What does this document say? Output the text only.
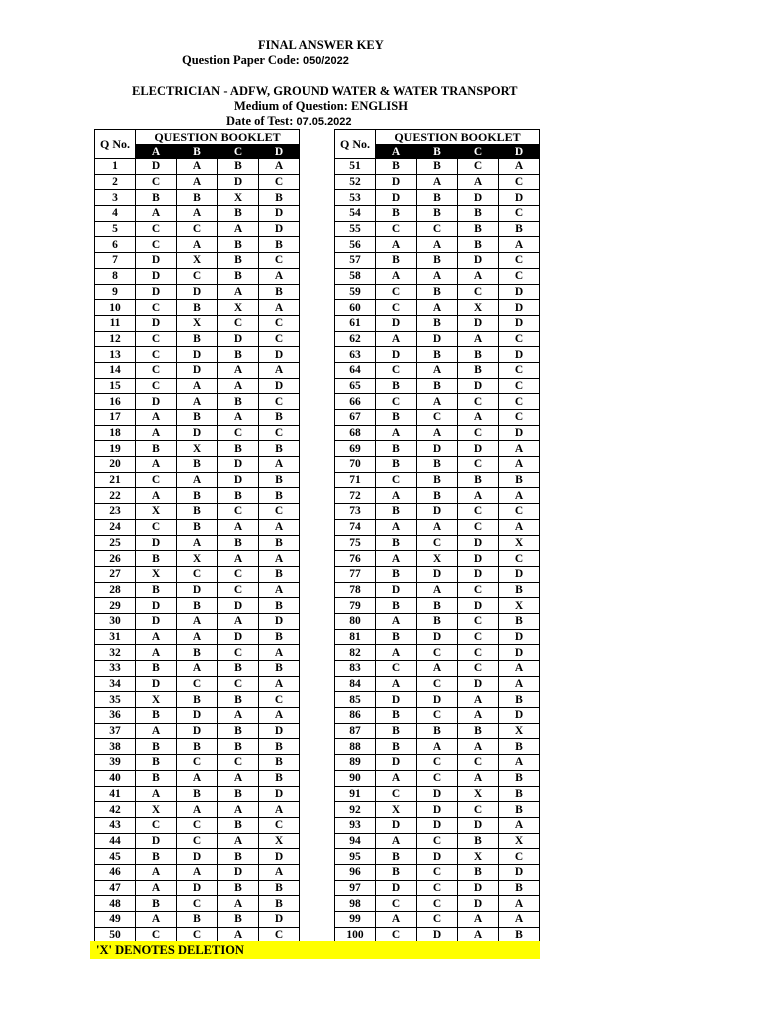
FINAL ANSWER KEY
Question Paper Code: 050/2022
ELECTRICIAN - ADFW, GROUND WATER & WATER TRANSPORT
Medium of Question: ENGLISH
Date of Test: 07.05.2022
Q No.	QUESTION BOOKLET			
	A	B	C	D
1	D	A	B	A
2	C	A	D	C
3	B	B	X	B
4	A	A	B	D
5	C	C	A	D
6	C	A	B	B
7	D	X	B	C
8	D	C	B	A
9	D	D	A	B
10	C	B	X	A
11	D	X	C	C
12	C	B	D	C
13	C	D	B	D
14	C	D	A	A
15	C	A	A	D
16	D	A	B	C
17	A	B	A	B
18	A	D	C	C
19	B	X	B	B
20	A	B	D	A
21	C	A	D	B
22	A	B	B	B
23	X	B	C	C
24	C	B	A	A
25	D	A	B	B
26	B	X	A	A
27	X	C	C	B
28	B	D	C	A
29	D	B	D	B
30	D	A	A	D
31	A	A	D	B
32	A	B	C	A
33	B	A	B	B
34	D	C	C	A
35	X	B	B	C
36	B	D	A	A
37	A	D	B	D
38	B	B	B	B
39	B	C	C	B
40	B	A	A	B
41	A	B	B	D
42	X	A	A	A
43	C	C	B	C
44	D	C	A	X
45	B	D	B	D
46	A	A	D	A
47	A	D	B	B
48	B	C	A	B
49	A	B	B	D
50	C	C	A	C
Q No.	QUESTION BOOKLET			
	A	B	C	D
51	B	B	C	A
52	D	A	A	C
53	D	B	D	D
54	B	B	B	C
55	C	C	B	B
56	A	A	B	A
57	B	B	D	C
58	A	A	A	C
59	C	B	C	D
60	C	A	X	D
61	D	B	D	D
62	A	D	A	C
63	D	B	B	D
64	C	A	B	C
65	B	B	D	C
66	C	A	C	C
67	B	C	A	C
68	A	A	C	D
69	B	D	D	A
70	B	B	C	A
71	C	B	B	B
72	A	B	A	A
73	B	D	C	C
74	A	A	C	A
75	B	C	D	X
76	A	X	D	C
77	B	D	D	D
78	D	A	C	B
79	B	B	D	X
80	A	B	C	B
81	B	D	C	D
82	A	C	C	D
83	C	A	C	A
84	A	C	D	A
85	D	D	A	B
86	B	C	A	D
87	B	B	B	X
88	B	A	A	B
89	D	C	C	A
90	A	C	A	B
91	C	D	X	B
92	X	D	C	B
93	D	D	D	A
94	A	C	B	X
95	B	D	X	C
96	B	C	B	D
97	D	C	D	B
98	C	C	D	A
99	A	C	A	A
100	C	D	A	B
'X' DENOTES DELETION
